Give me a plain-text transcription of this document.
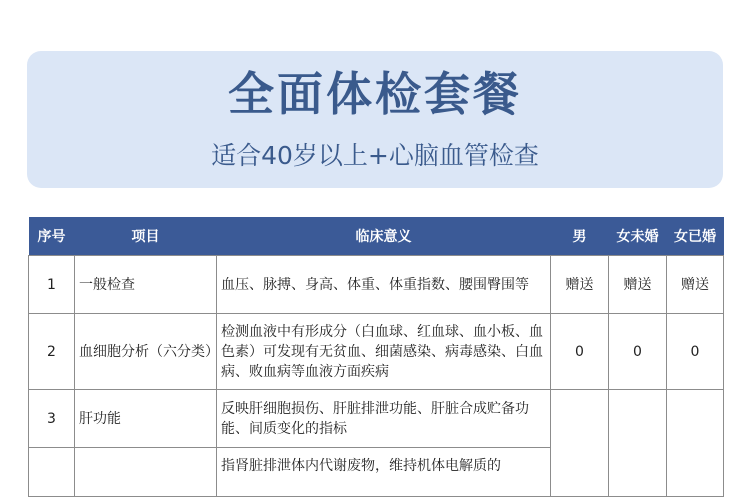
全面体检套餐
适合40岁以上+心脑血管检查
序号	项目	临床意义	男	女未婚	女已婚
1	一般检查	血压、脉搏、身高、体重、体重指数、腰围臀围等	赠送	赠送	赠送
2	血细胞分析（六分类）	检测血液中有形成分（白血球、红血球、血小板、血色素）可发现有无贫血、细菌感染、病毒感染、白血病、败血病等血液方面疾病	0	0	0
3	肝功能	反映肝细胞损伤、肝脏排泄功能、肝脏合成贮备功能、间质变化的指标			
		指肾脏排泄体内代谢废物，维持机体电解质的			
